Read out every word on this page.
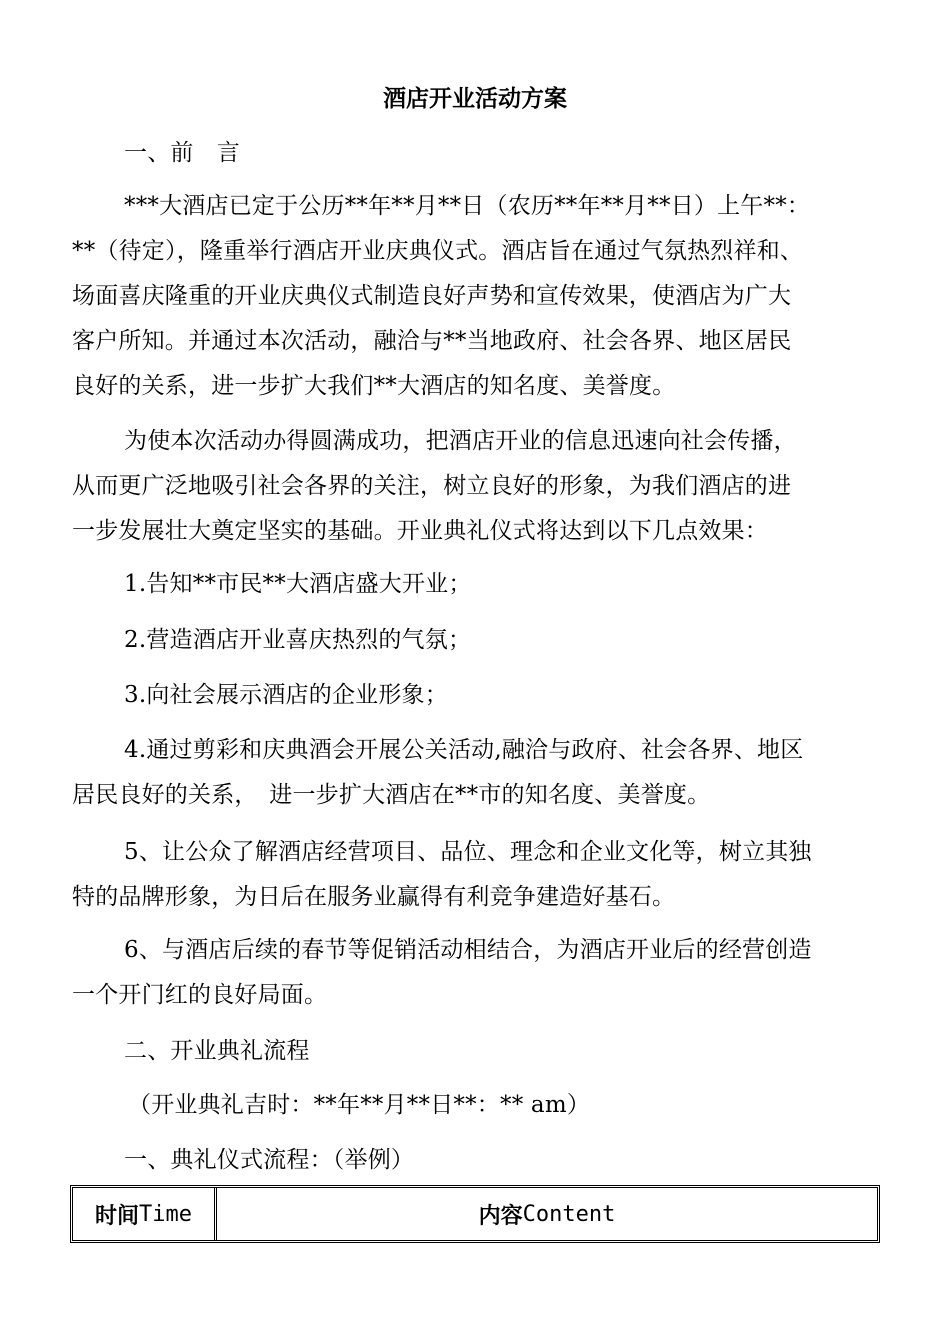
酒店开业活动方案
一、前　言
***大酒店已定于公历**年**月**日（农历**年**月**日）上午**：
**（待定），隆重举行酒店开业庆典仪式。酒店旨在通过气氛热烈祥和、
场面喜庆隆重的开业庆典仪式制造良好声势和宣传效果，使酒店为广大
客户所知。并通过本次活动，融洽与**当地政府、社会各界、地区居民
良好的关系，进一步扩大我们**大酒店的知名度、美誉度。
为使本次活动办得圆满成功，把酒店开业的信息迅速向社会传播，
从而更广泛地吸引社会各界的关注，树立良好的形象，为我们酒店的进
一步发展壮大奠定坚实的基础。开业典礼仪式将达到以下几点效果：
1.告知**市民**大酒店盛大开业；
2.营造酒店开业喜庆热烈的气氛；
3.向社会展示酒店的企业形象；
4.通过剪彩和庆典酒会开展公关活动,融洽与政府、社会各界、地区
居民良好的关系，　进一步扩大酒店在**市的知名度、美誉度。
5、让公众了解酒店经营项目、品位、理念和企业文化等，树立其独
特的品牌形象，为日后在服务业赢得有利竞争建造好基石。
6、与酒店后续的春节等促销活动相结合，为酒店开业后的经营创造
一个开门红的良好局面。
二、开业典礼流程
（开业典礼吉时：**年**月**日**：** am）
一、典礼仪式流程：（举例）
时间 Time	内容 Content
